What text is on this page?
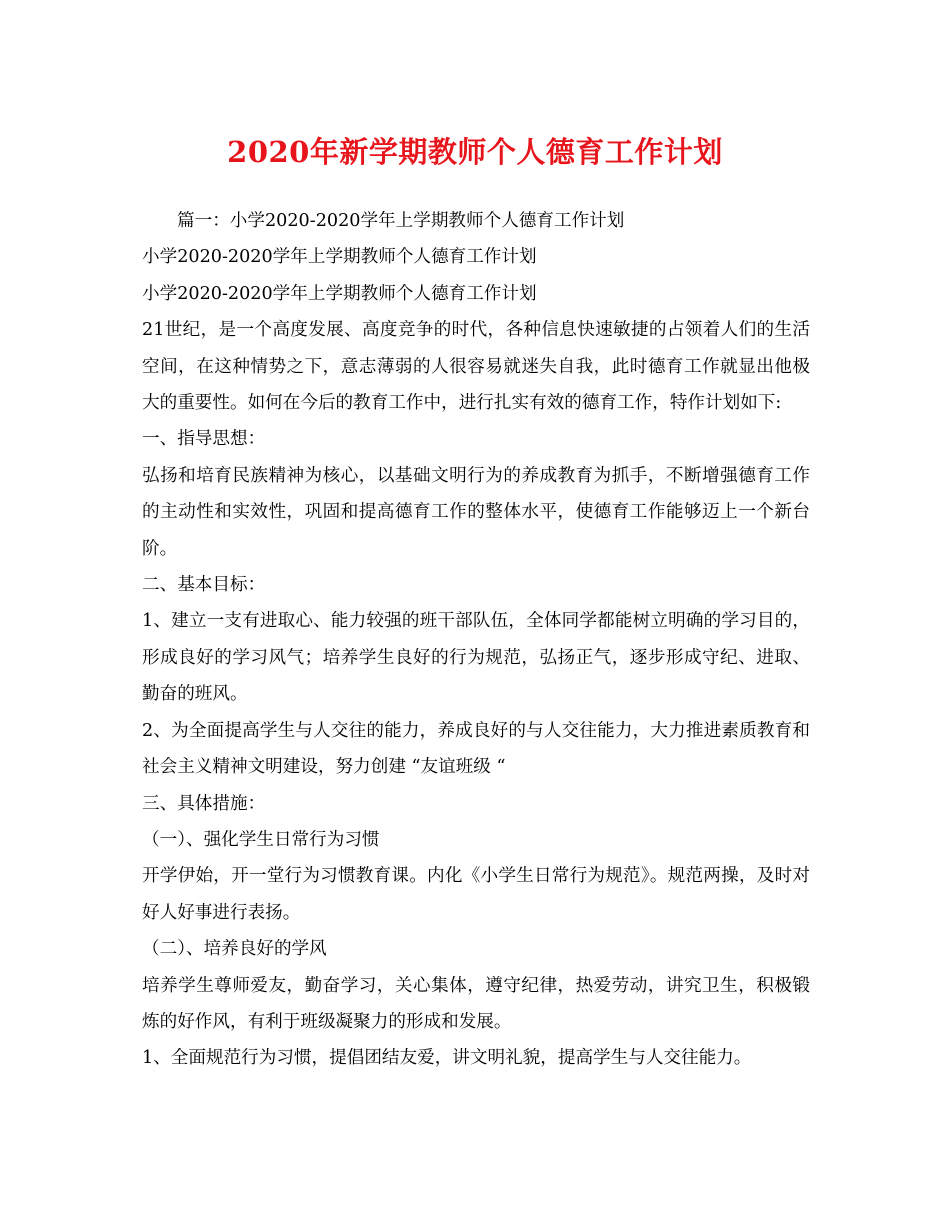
2020年新学期教师个人德育工作计划

篇一：小学2020-2020学年上学期教师个人德育工作计划

小学2020-2020学年上学期教师个人德育工作计划

小学2020-2020学年上学期教师个人德育工作计划

21世纪，是一个高度发展、高度竞争的时代，各种信息快速敏捷的占领着人们的生活空间，在这种情势之下，意志薄弱的人很容易就迷失自我，此时德育工作就显出他极大的重要性。如何在今后的教育工作中，进行扎实有效的德育工作，特作计划如下:

一、指导思想：

弘扬和培育民族精神为核心，以基础文明行为的养成教育为抓手，不断增强德育工作的主动性和实效性，巩固和提高德育工作的整体水平，使德育工作能够迈上一个新台阶。

二、基本目标：

1、建立一支有进取心、能力较强的班干部队伍，全体同学都能树立明确的学习目的，形成良好的学习风气；培养学生良好的行为规范，弘扬正气，逐步形成守纪、进取、勤奋的班风。

2、为全面提高学生与人交往的能力，养成良好的与人交往能力，大力推进素质教育和社会主义精神文明建设，努力创建 “友谊班级 “

三、具体措施：

（一）、强化学生日常行为习惯

开学伊始，开一堂行为习惯教育课。内化《小学生日常行为规范》。规范两操，及时对好人好事进行表扬。

（二）、培养良好的学风

培养学生尊师爱友，勤奋学习，关心集体，遵守纪律，热爱劳动，讲究卫生，积极锻炼的好作风，有利于班级凝聚力的形成和发展。

1、全面规范行为习惯，提倡团结友爱，讲文明礼貌，提高学生与人交往能力。
